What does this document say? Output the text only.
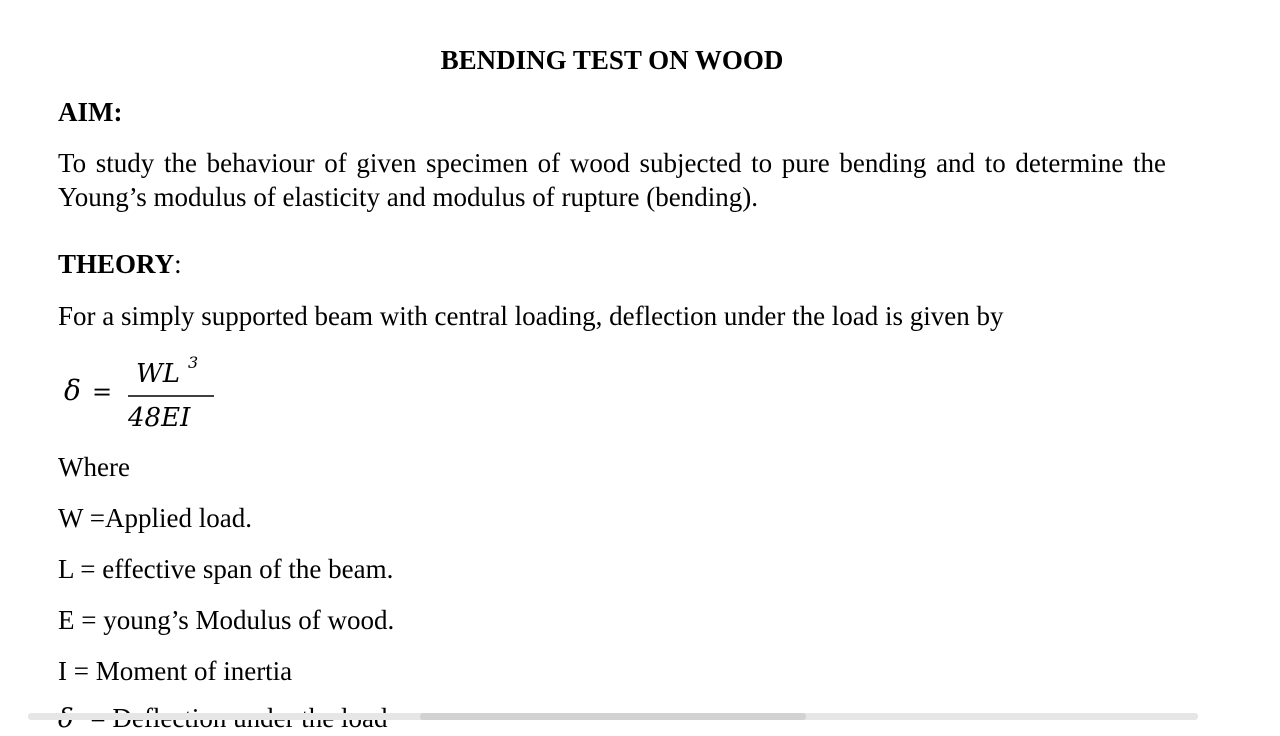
BENDING TEST ON WOOD
AIM:
To study the behaviour of given specimen of wood subjected to pure bending and to determine the Young’s modulus of elasticity and modulus of rupture (bending).
THEORY:
For a simply supported beam with central loading, deflection under the load is given by
δ =
WL 3
48EI
Where
W =Applied load.
L = effective span of the beam.
E = young’s Modulus of wood.
I = Moment of inertia
